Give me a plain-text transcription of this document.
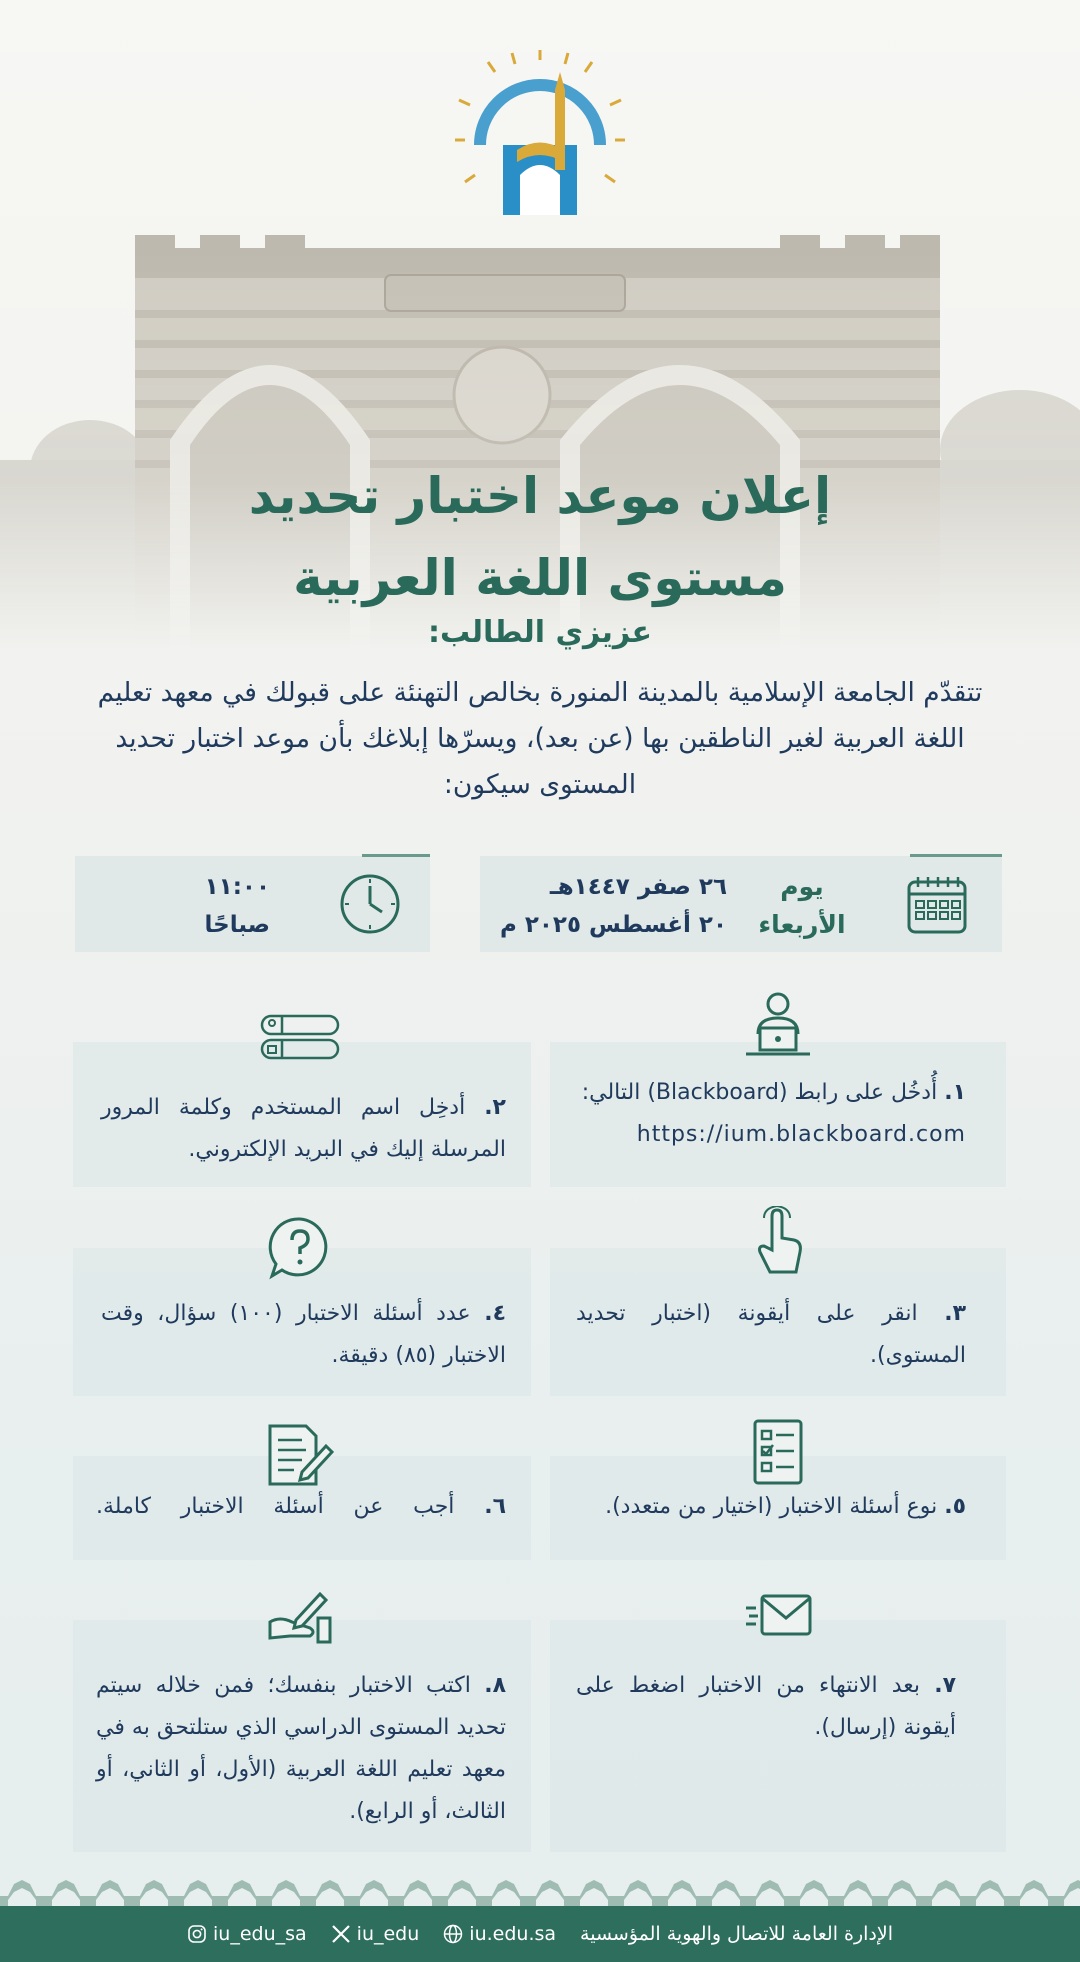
إعلان موعد اختبار تحديد
مستوى اللغة العربية
عزيزي الطالب:

تتقدّم الجامعة الإسلامية بالمدينة المنورة بخالص التهنئة على قبولك في معهد تعليم اللغة العربية لغير الناطقين بها (عن بعد)، ويسرّها إبلاغك بأن موعد اختبار تحديد المستوى سيكون:

يوم
الأربعاء
٢٦ صفر ١٤٤٧هـ
٢٠ أغسطس ٢٠٢٥ م
١١:٠٠
صباحًا
١. أُدخُل على رابط (Blackboard) التالي:
https://ium.blackboard.com
٢. أدخِل اسم المستخدم وكلمة المرور المرسلة إليك في البريد الإلكتروني.
٣. انقر على أيقونة (اختبار تحديد المستوى).
٤. عدد أسئلة الاختبار (١٠٠) سؤال، وقت الاختبار (٨٥) دقيقة.
٥. نوع أسئلة الاختبار (اختيار من متعدد).
٦. أجب عن أسئلة الاختبار كاملة.
٧. بعد الانتهاء من الاختبار اضغط على أيقونة (إرسال).
٨. اكتب الاختبار بنفسك؛ فمن خلاله سيتم تحديد المستوى الدراسي الذي ستلتحق به في معهد تعليم اللغة العربية (الأول، أو الثاني، أو الثالث، أو الرابع).
الإدارة العامة للاتصال والهوية المؤسسية
iu.edu.sa
iu_edu
iu_edu_sa
